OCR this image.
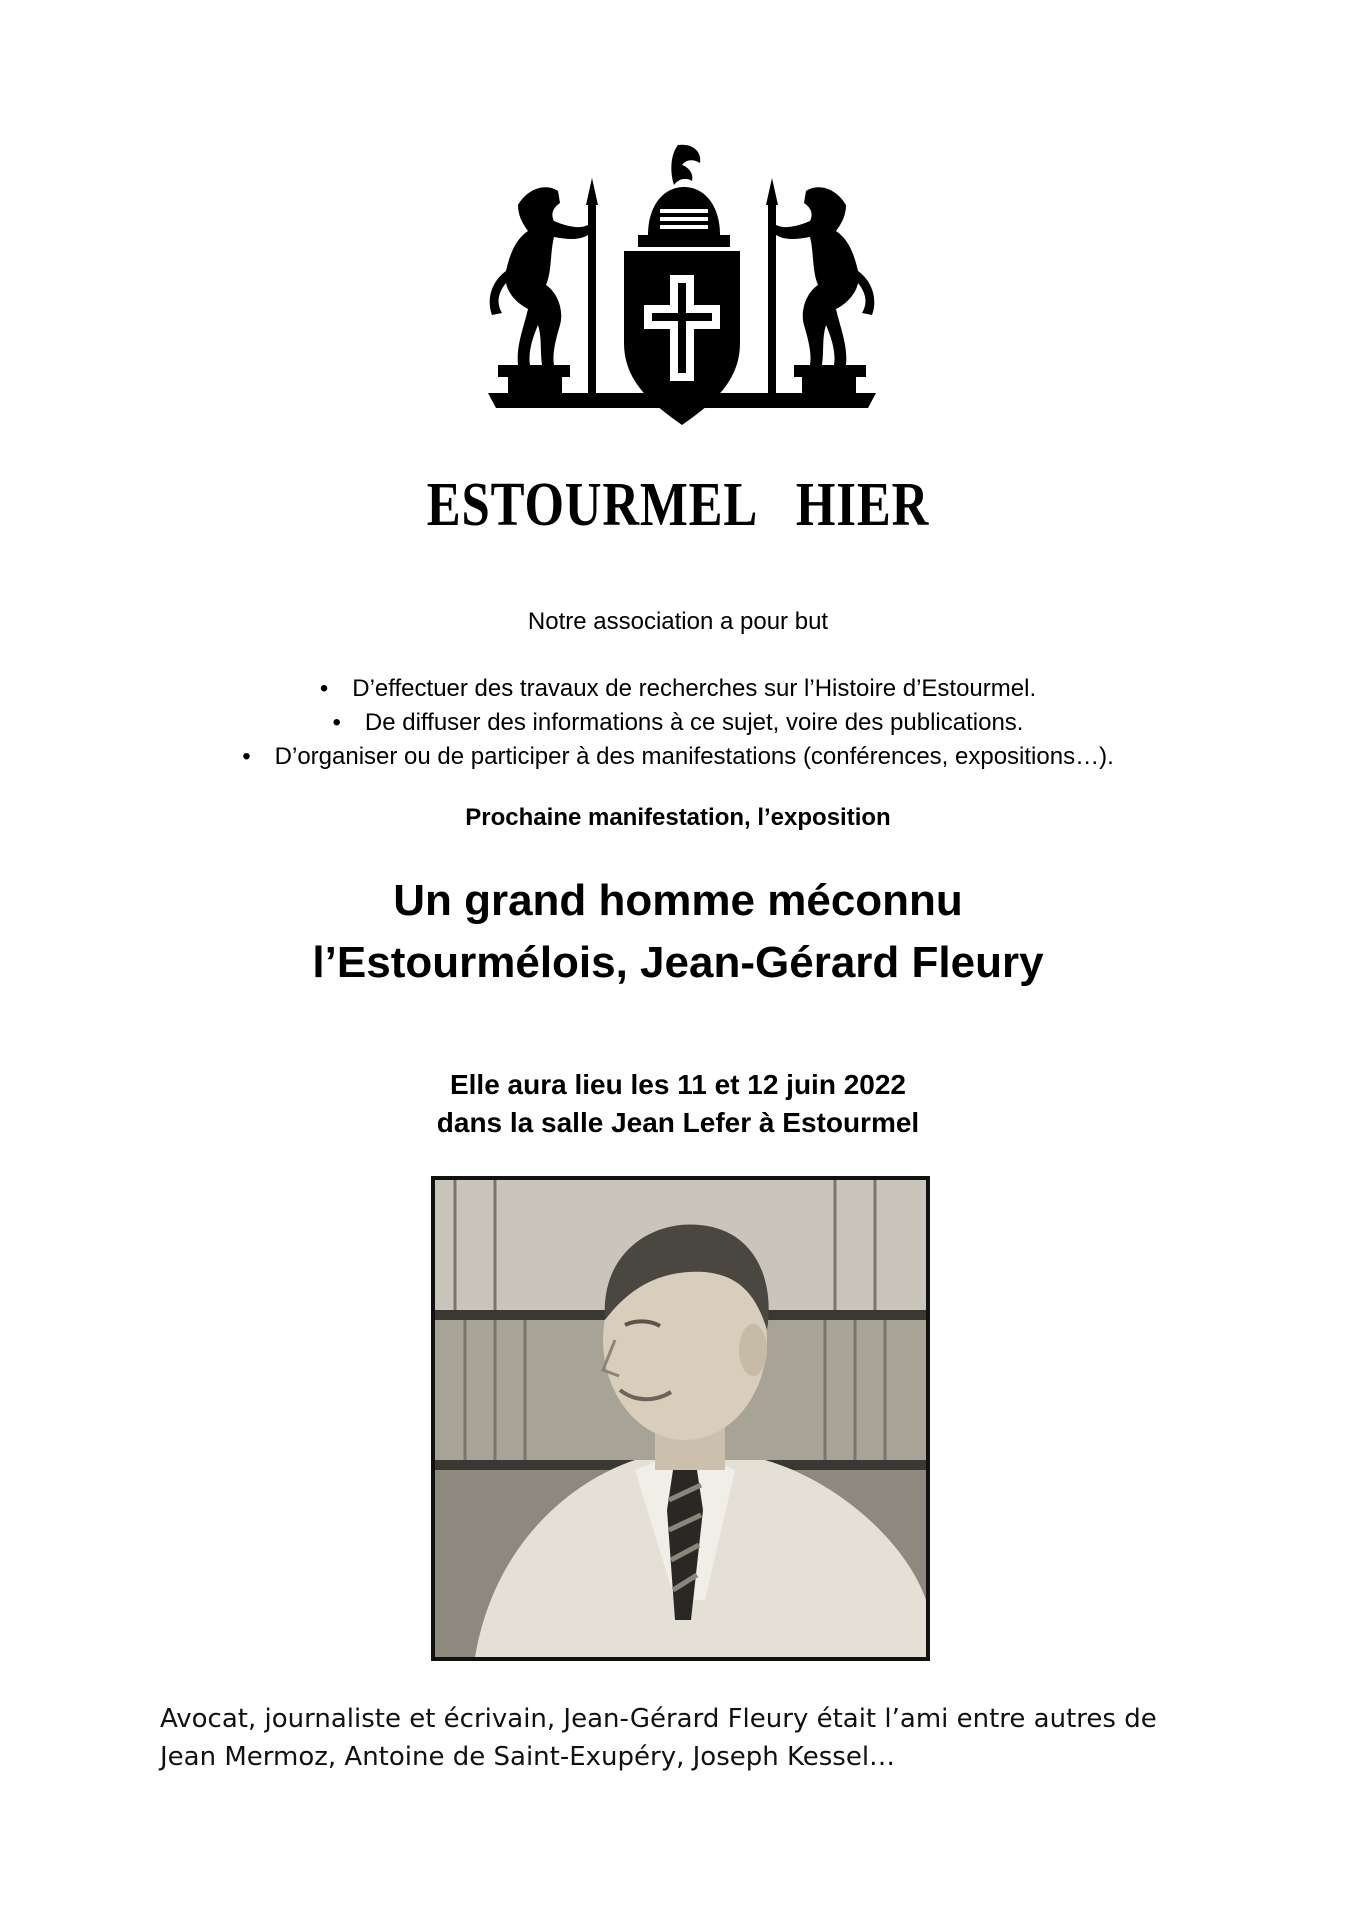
ESTOURMEL   HIER
Notre association a pour but
• D’effectuer des travaux de recherches sur l’Histoire d’Estourmel.
• De diffuser des informations à ce sujet, voire des publications.
• D’organiser ou de participer à des manifestations (conférences, expositions…).
Prochaine manifestation, l’exposition
Un grand homme méconnu
l’Estourmélois, Jean-Gérard Fleury
Elle aura lieu les 11 et 12 juin 2022
dans la salle Jean Lefer à Estourmel
Avocat, journaliste et écrivain, Jean-Gérard Fleury était l’ami entre autres de
Jean Mermoz, Antoine de Saint-Exupéry, Joseph Kessel…
